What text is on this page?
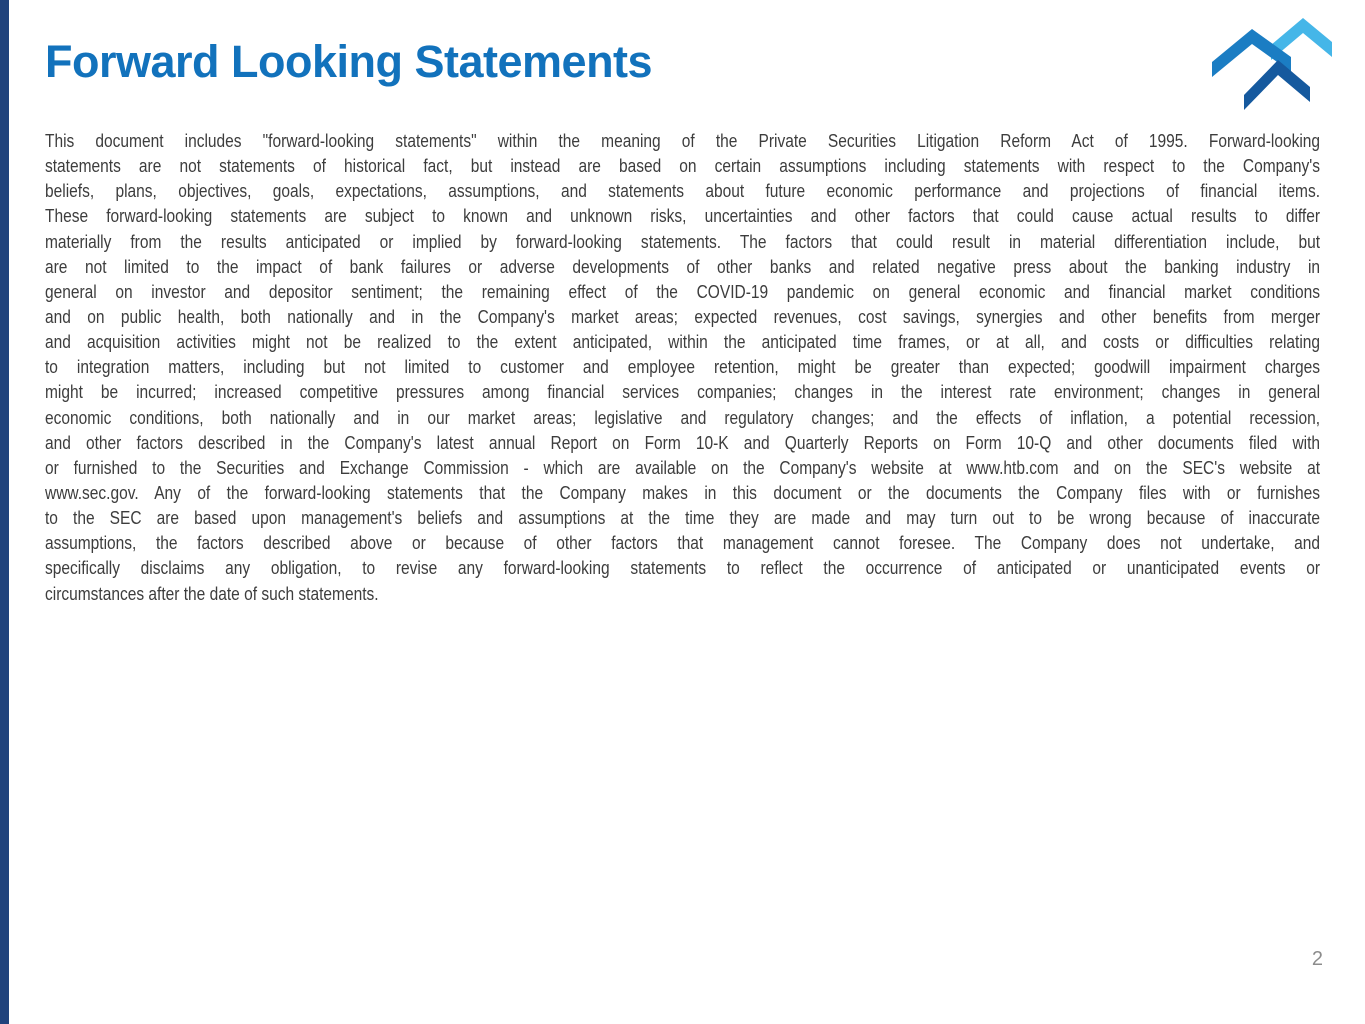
Forward Looking Statements
This document includes "forward-looking statements" within the meaning of the Private Securities Litigation Reform Act of 1995. Forward-looking
statements are not statements of historical fact, but instead are based on certain assumptions including statements with respect to the Company's
beliefs, plans, objectives, goals, expectations, assumptions, and statements about future economic performance and projections of financial items.
These forward-looking statements are subject to known and unknown risks, uncertainties and other factors that could cause actual results to differ
materially from the results anticipated or implied by forward-looking statements. The factors that could result in material differentiation include, but
are not limited to the impact of bank failures or adverse developments of other banks and related negative press about the banking industry in
general on investor and depositor sentiment; the remaining effect of the COVID-19 pandemic on general economic and financial market conditions
and on public health, both nationally and in the Company's market areas; expected revenues, cost savings, synergies and other benefits from merger
and acquisition activities might not be realized to the extent anticipated, within the anticipated time frames, or at all, and costs or difficulties relating
to integration matters, including but not limited to customer and employee retention, might be greater than expected; goodwill impairment charges
might be incurred; increased competitive pressures among financial services companies; changes in the interest rate environment; changes in general
economic conditions, both nationally and in our market areas; legislative and regulatory changes; and the effects of inflation, a potential recession,
and other factors described in the Company's latest annual Report on Form 10-K and Quarterly Reports on Form 10-Q and other documents filed with
or furnished to the Securities and Exchange Commission - which are available on the Company's website at www.htb.com and on the SEC's website at
www.sec.gov. Any of the forward-looking statements that the Company makes in this document or the documents the Company files with or furnishes
to the SEC are based upon management's beliefs and assumptions at the time they are made and may turn out to be wrong because of inaccurate
assumptions, the factors described above or because of other factors that management cannot foresee. The Company does not undertake, and
specifically disclaims any obligation, to revise any forward-looking statements to reflect the occurrence of anticipated or unanticipated events or
circumstances after the date of such statements.
2
